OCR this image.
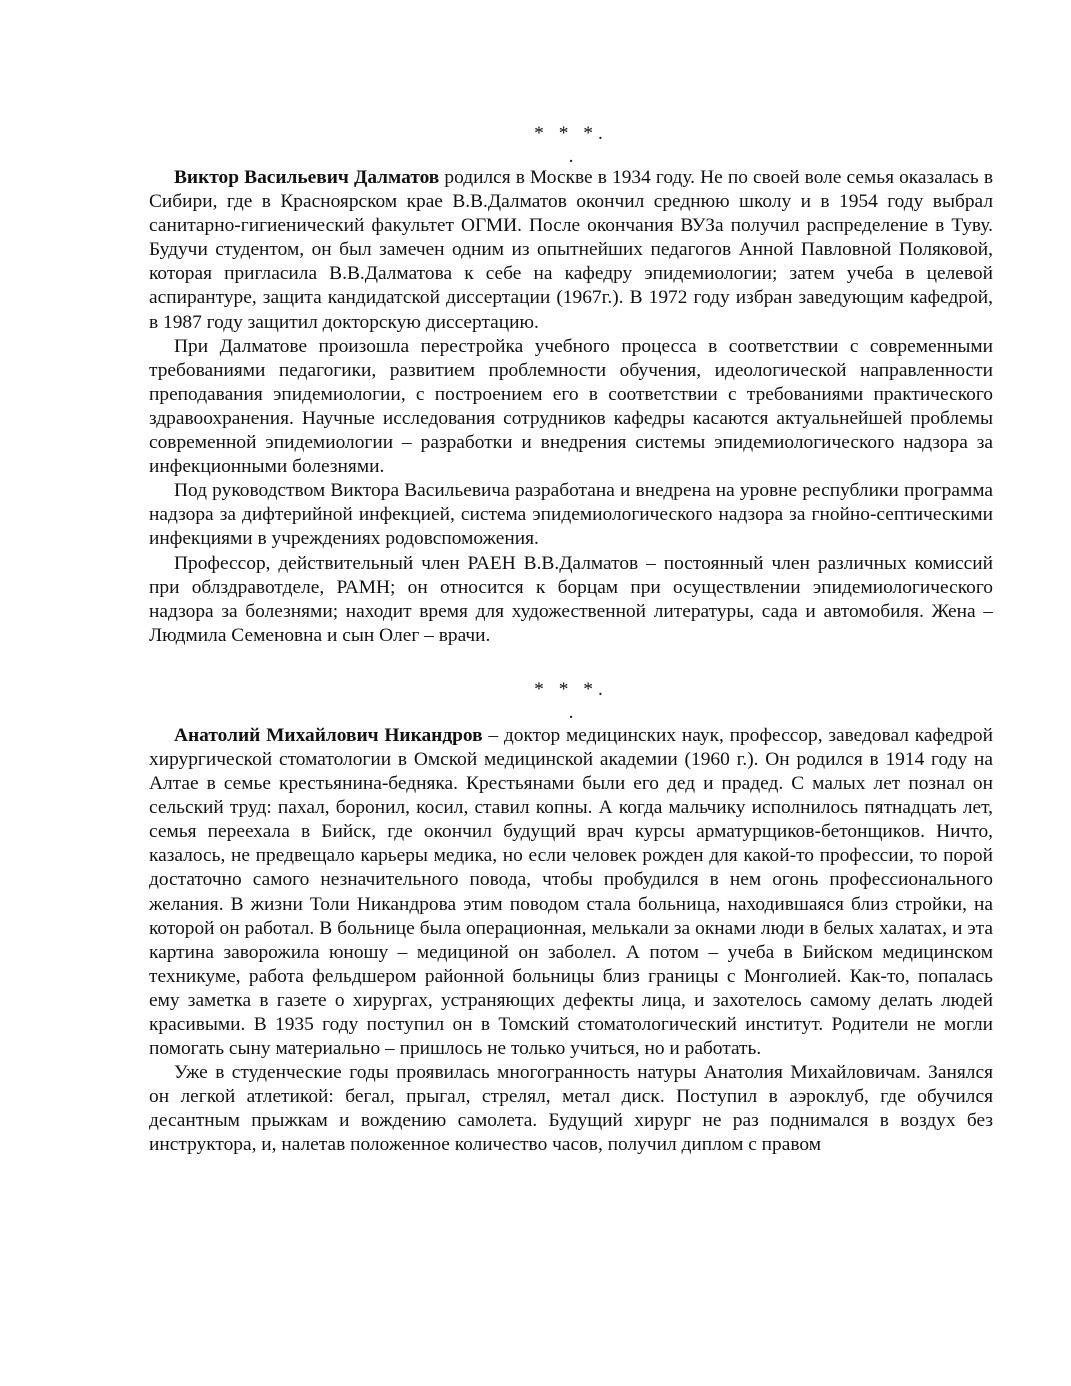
* * *.
.

Виктор Васильевич Далматов родился в Москве в 1934 году. Не по своей воле семья оказалась в Сибири, где в Красноярском крае В.В.Далматов окончил среднюю школу и в 1954 году выбрал санитарно-гигиенический факультет ОГМИ. После окончания ВУЗа получил распределение в Туву. Будучи студентом, он был замечен одним из опытнейших педагогов Анной Павловной Поляковой, которая пригласила В.В.Далматова к себе на кафедру эпидемиологии; затем учеба в целевой аспирантуре, защита кандидатской диссертации (1967г.). В 1972 году избран заведующим кафедрой, в 1987 году защитил докторскую диссертацию.

При Далматове произошла перестройка учебного процесса в соответствии с современными требованиями педагогики, развитием проблемности обучения, идеологической направленности преподавания эпидемиологии, с построением его в соответствии с требованиями практического здравоохранения. Научные исследования сотрудников кафедры касаются актуальнейшей проблемы современной эпидемиологии – разработки и внедрения системы эпидемиологического надзора за инфекционными болезнями.

Под руководством Виктора Васильевича разработана и внедрена на уровне республики программа надзора за дифтерийной инфекцией, система эпидемиологического надзора за гнойно-септическими инфекциями в учреждениях родовспоможения.

Профессор, действительный член РАЕН В.В.Далматов – постоянный член различных комиссий при облздравотделе, РАМН; он относится к борцам при осуществлении эпидемиологического надзора за болезнями; находит время для художественной литературы, сада и автомобиля. Жена – Людмила Семеновна и сын Олег – врачи.

* * *.
.

Анатолий Михайлович Никандров – доктор медицинских наук, профессор, заведовал кафедрой хирургической стоматологии в Омской медицинской академии (1960 г.). Он родился в 1914 году на Алтае в семье крестьянина-бедняка. Крестьянами были его дед и прадед. С малых лет познал он сельский труд: пахал, боронил, косил, ставил копны. А когда мальчику исполнилось пятнадцать лет, семья переехала в Бийск, где окончил будущий врач курсы арматурщиков-бетонщиков. Ничто, казалось, не предвещало карьеры медика, но если человек рожден для какой-то профессии, то порой достаточно самого незначительного повода, чтобы пробудился в нем огонь профессионального желания. В жизни Толи Никандрова этим поводом стала больница, находившаяся близ стройки, на которой он работал. В больнице была операционная, мелькали за окнами люди в белых халатах, и эта картина заворожила юношу – медициной он заболел. А потом – учеба в Бийском медицинском техникуме, работа фельдшером районной больницы близ границы с Монголией. Как-то, попалась ему заметка в газете о хирургах, устраняющих дефекты лица, и захотелось самому делать людей красивыми. В 1935 году поступил он в Томский стоматологический институт. Родители не могли помогать сыну материально – пришлось не только учиться, но и работать.

Уже в студенческие годы проявилась многогранность натуры Анатолия Михайловичам. Занялся он легкой атлетикой: бегал, прыгал, стрелял, метал диск. Поступил в аэроклуб, где обучился десантным прыжкам и вождению самолета. Будущий хирург не раз поднимался в воздух без инструктора, и, налетав положенное количество часов, получил диплом с правом
